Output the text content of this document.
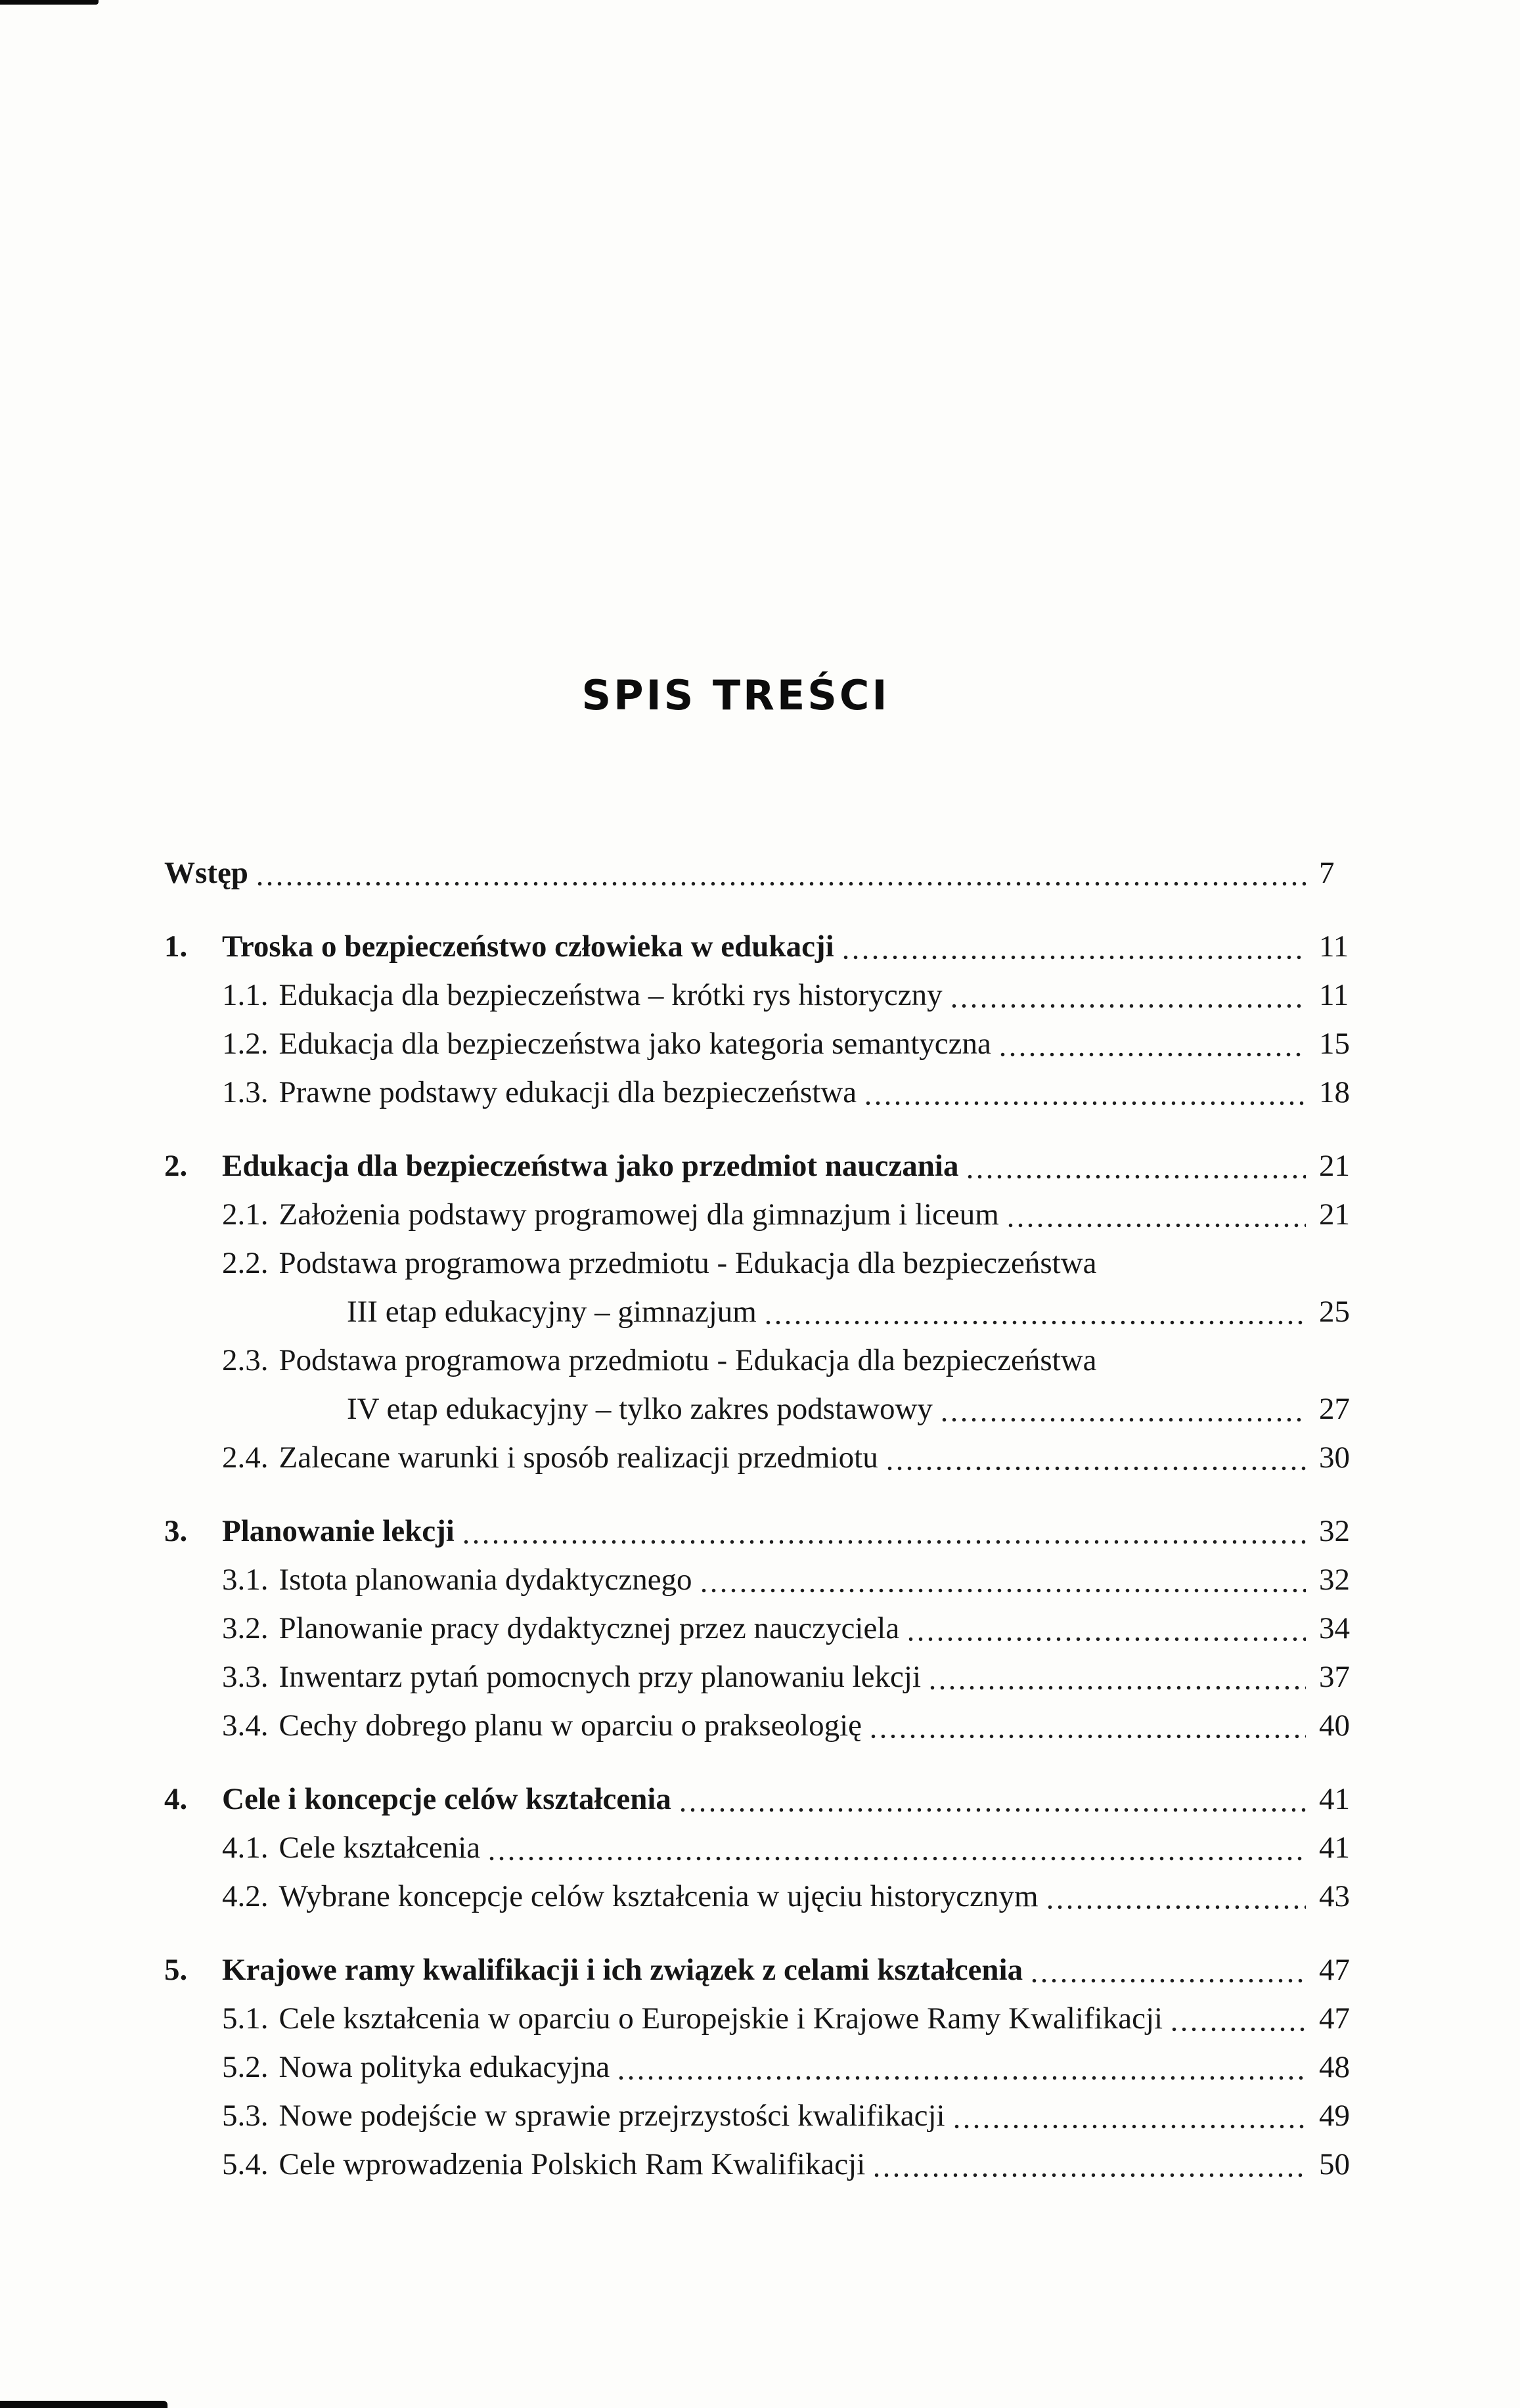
SPIS TREŚCI
Wstęp	7
1.	Troska o bezpieczeństwo człowieka w edukacji	11
1.1. Edukacja dla bezpieczeństwa – krótki rys historyczny	11
1.2. Edukacja dla bezpieczeństwa jako kategoria semantyczna	15
1.3. Prawne podstawy edukacji dla bezpieczeństwa	18
2.	Edukacja dla bezpieczeństwa jako przedmiot nauczania	21
2.1. Założenia podstawy programowej dla gimnazjum i liceum	21
2.2. Podstawa programowa przedmiotu - Edukacja dla bezpieczeństwa
III etap edukacyjny – gimnazjum	25
2.3. Podstawa programowa przedmiotu - Edukacja dla bezpieczeństwa
IV etap edukacyjny – tylko zakres podstawowy	27
2.4. Zalecane warunki i sposób realizacji przedmiotu	30
3.	Planowanie lekcji	32
3.1. Istota planowania dydaktycznego	32
3.2. Planowanie pracy dydaktycznej przez nauczyciela	34
3.3. Inwentarz pytań pomocnych przy planowaniu lekcji	37
3.4. Cechy dobrego planu w oparciu o prakseologię	40
4.	Cele i koncepcje celów kształcenia	41
4.1. Cele kształcenia	41
4.2. Wybrane koncepcje celów kształcenia w ujęciu historycznym	43
5.	Krajowe ramy kwalifikacji i ich związek z celami kształcenia	47
5.1. Cele kształcenia w oparciu o Europejskie i Krajowe Ramy Kwalifikacji	47
5.2. Nowa polityka edukacyjna	48
5.3. Nowe podejście w sprawie przejrzystości kwalifikacji	49
5.4. Cele wprowadzenia Polskich Ram Kwalifikacji	50
